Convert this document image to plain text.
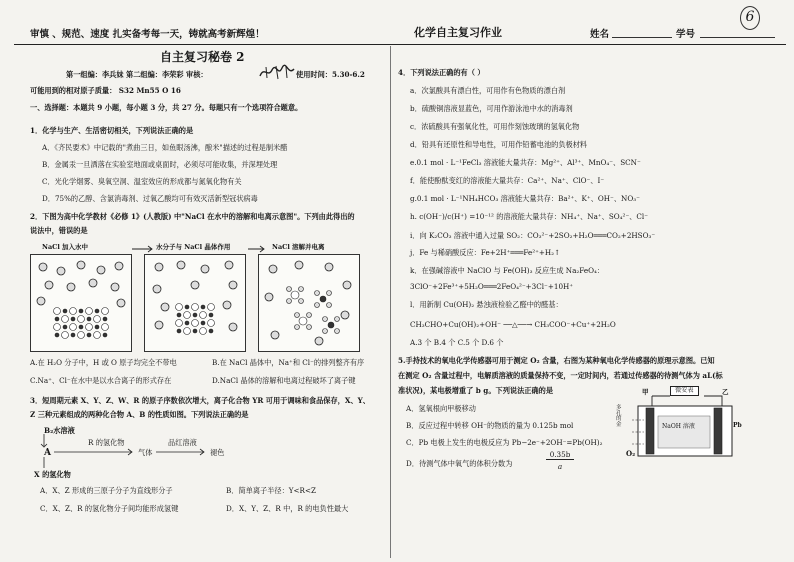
审慎 、规范、速度 扎实备考每一天，铸就高考新辉煌！	化学自主复习作业	姓名	学号
6
自主复习秘卷 2
第一组编：李兵妹 第二组编：李荣彩 审核：	使用时间：5.30-6.2
可能用到的相对原子质量： S32 Mn55 O 16
一、选择题：本题共 9 小题，每小题 3 分，共 27 分。每题只有一个选项符合题意。
1．化学与生产、生活密切相关，下列说法正确的是
A．《齐民要术》中记载的"煮曲三日，如鱼眼汤沸，酿米"描述的过程是制米醋
B．金属汞一旦洒落在实验室地面或桌面时，必须尽可能收集，并深埋处理
C．光化学烟雾、臭氧空洞、温室效应的形成都与氮氧化物有关
D．75%的乙醇、含氯消毒剂、过氧乙酸均可有效灭活新型冠状病毒
2．下图为高中化学教材《必修 1》(人教版) 中"NaCl 在水中的溶解和电离示意图"。下列由此得出的
说法中，错误的是
NaCl 加入水中	水分子与 NaCl 晶体作用	NaCl 溶解并电离
A.在 H₂O 分子中，H 或 O 原子均完全不带电	B.在 NaCl 晶体中，Na⁺和 Cl⁻的排列整齐有序
C.Na⁺、Cl⁻在水中是以水合离子的形式存在	D.NaCl 晶体的溶解和电离过程破坏了离子键
3．短周期元素 X、Y、Z、W、R 的原子序数依次增大，离子化合物 YR 可用于调味和食品保存，X、Y、
Z 三种元素组成的两种化合物 A、B 的性质如图。下列说法正确的是
B₂水溶液
A
R 的氢化物
气体
品红溶液
褪色
X 的氢化物
A．X、Z 形成的三原子分子为直线形分子	B．简单离子半径：Y<R<Z
C．X、Z、R 的氢化物分子间均能形成氢键	D．X、Y、Z、R 中，R 的电负性最大
4．下列说法正确的有（ ）
a．次氯酸具有漂白性，可用作有色物质的漂白剂
b．硫酸铜溶液显蓝色，可用作游泳池中水的消毒剂
c．浓硫酸具有强氧化性，可用作刻蚀玻璃的氢氧化物
d．铅具有还原性和导电性，可用作铅蓄电池的负极材料
e.0.1 mol · L⁻¹FeCl₃ 溶液能大量共存：Mg²⁺、Al³⁺、MnO₄⁻、SCN⁻
f．能使酚酞变红的溶液能大量共存：Ca²⁺、Na⁺、ClO⁻、I⁻
g.0.1 mol · L⁻¹NH₄HCO₃ 溶液能大量共存：Ba²⁺、K⁺、OH⁻、NO₃⁻
h. c(OH⁻)/c(H⁺) =10⁻¹² 的溶液能大量共存：NH₄⁺、Na⁺、SO₄²⁻、Cl⁻
i．向 K₂CO₃ 溶液中通入过量 SO₂：CO₃²⁻+2SO₂+H₂O═══CO₂+2HSO₃⁻
j．Fe 与稀硝酸反应：Fe+2H⁺═══Fe²⁺+H₂↑
k．在强碱溶液中 NaClO 与 Fe(OH)₃ 反应生成 Na₂FeO₄：
3ClO⁻+2Fe³⁺+5H₂O═══2FeO₄²⁻+3Cl⁻+10H⁺
l．用新制 Cu(OH)₂ 悬浊液检验乙醛中的醛基：
CH₃CHO+Cu(OH)₂+OH⁻ ──△──→ CH₃COO⁻+Cu⁺+2H₂O
A.3 个 B.4 个 C.5 个 D.6 个
5.手持技术的氧电化学传感器可用于测定 O₂ 含量，右图为某种氧电化学传感器的原理示意图。已知
在测定 O₂ 含量过程中，电解质溶液的质量保持不变，一定时间内，若通过传感器的待测气体为 aL(标
准状况)，某电极增重了 b g。下列说法正确的是
A．氢氧根向甲极移动
B．反应过程中转移 OH⁻的物质的量为 0.125b mol
C．Pb 电极上发生的电极反应为 Pb−2e⁻+2OH⁻=Pb(OH)₂
D．待测气体中氧气的体积分数为
0.35b
a
微安表
甲	乙
NaOH 溶液
O₂
多孔的金	Pb
